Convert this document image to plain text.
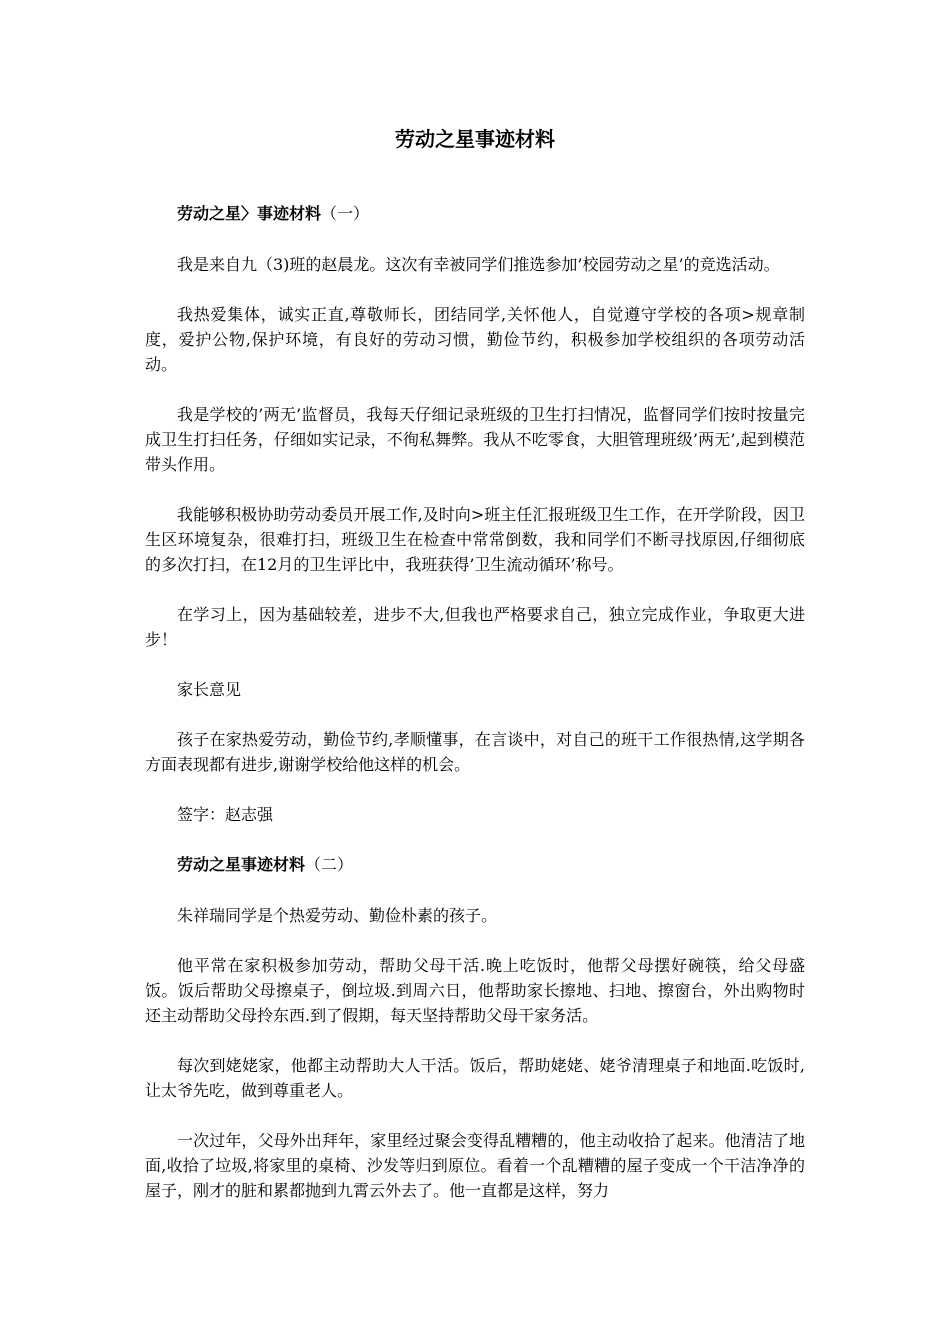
劳动之星事迹材料
劳动之星〉事迹材料（一）

我是来自九（3)班的赵晨龙。这次有幸被同学们推选参加’校园劳动之星’的竞选活动。

我热爱集体，诚实正直,尊敬师长，团结同学,关怀他人，自觉遵守学校的各项>规章制度，爱护公物,保护环境，有良好的劳动习惯，勤俭节约，积极参加学校组织的各项劳动活动。

我是学校的’两无’监督员，我每天仔细记录班级的卫生打扫情况，监督同学们按时按量完成卫生打扫任务，仔细如实记录，不徇私舞弊。我从不吃零食，大胆管理班级’两无’,起到模范带头作用。

我能够积极协助劳动委员开展工作,及时向>班主任汇报班级卫生工作，在开学阶段，因卫生区环境复杂，很难打扫，班级卫生在检查中常常倒数，我和同学们不断寻找原因,仔细彻底的多次打扫，在12月的卫生评比中，我班获得’卫生流动循环’称号。

在学习上，因为基础较差，进步不大,但我也严格要求自己，独立完成作业，争取更大进步！

家长意见

孩子在家热爱劳动，勤俭节约,孝顺懂事，在言谈中，对自己的班干工作很热情,这学期各方面表现都有进步,谢谢学校给他这样的机会。

签字：赵志强

劳动之星事迹材料（二）

朱祥瑞同学是个热爱劳动、勤俭朴素的孩子。

他平常在家积极参加劳动，帮助父母干活.晚上吃饭时，他帮父母摆好碗筷，给父母盛饭。饭后帮助父母擦桌子，倒垃圾.到周六日，他帮助家长擦地、扫地、擦窗台，外出购物时还主动帮助父母拎东西.到了假期，每天坚持帮助父母干家务活。

每次到姥姥家，他都主动帮助大人干活。饭后，帮助姥姥、姥爷清理桌子和地面.吃饭时,让太爷先吃，做到尊重老人。

一次过年，父母外出拜年，家里经过聚会变得乱糟糟的，他主动收拾了起来。他清洁了地面,收拾了垃圾,将家里的桌椅、沙发等归到原位。看着一个乱糟糟的屋子变成一个干洁净净的屋子，刚才的脏和累都抛到九霄云外去了。他一直都是这样，努力
